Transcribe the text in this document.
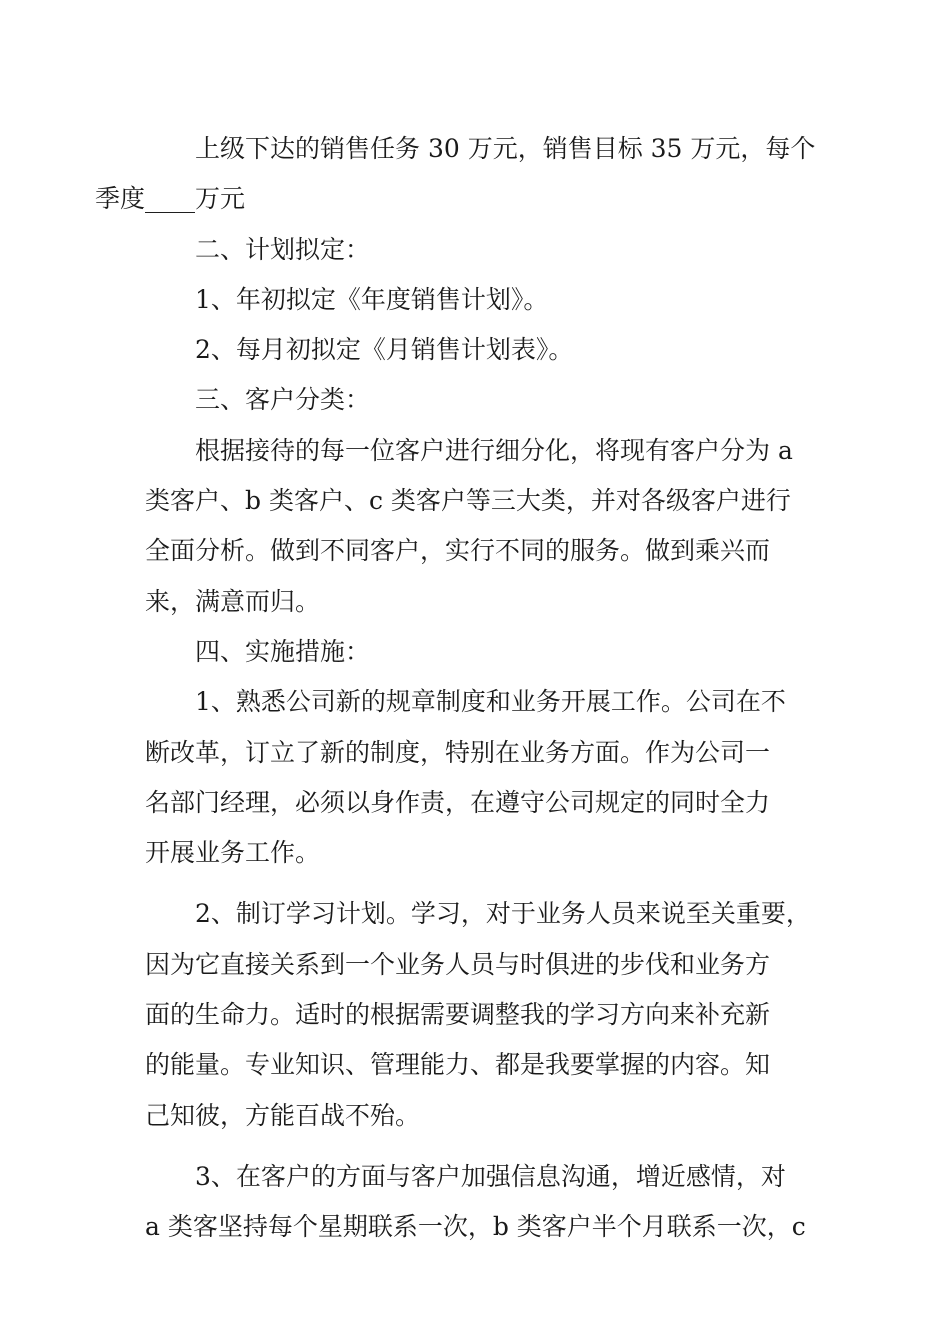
上级下达的销售任务 30 万元，销售目标 35 万元，每个
季度____万元

二、计划拟定：

1、年初拟定《年度销售计划》。

2、每月初拟定《月销售计划表》。

三、客户分类：

根据接待的每一位客户进行细分化，将现有客户分为 a
类客户、b 类客户、c 类客户等三大类，并对各级客户进行
全面分析。做到不同客户，实行不同的服务。做到乘兴而
来，满意而归。

四、实施措施：

1、熟悉公司新的规章制度和业务开展工作。公司在不
断改革，订立了新的制度，特别在业务方面。作为公司一
名部门经理，必须以身作责，在遵守公司规定的同时全力
开展业务工作。

2、制订学习计划。学习，对于业务人员来说至关重要，
因为它直接关系到一个业务人员与时俱进的步伐和业务方
面的生命力。适时的根据需要调整我的学习方向来补充新
的能量。专业知识、管理能力、都是我要掌握的内容。知
己知彼，方能百战不殆。

3、在客户的方面与客户加强信息沟通，增近感情，对
a 类客坚持每个星期联系一次，b 类客户半个月联系一次，c
